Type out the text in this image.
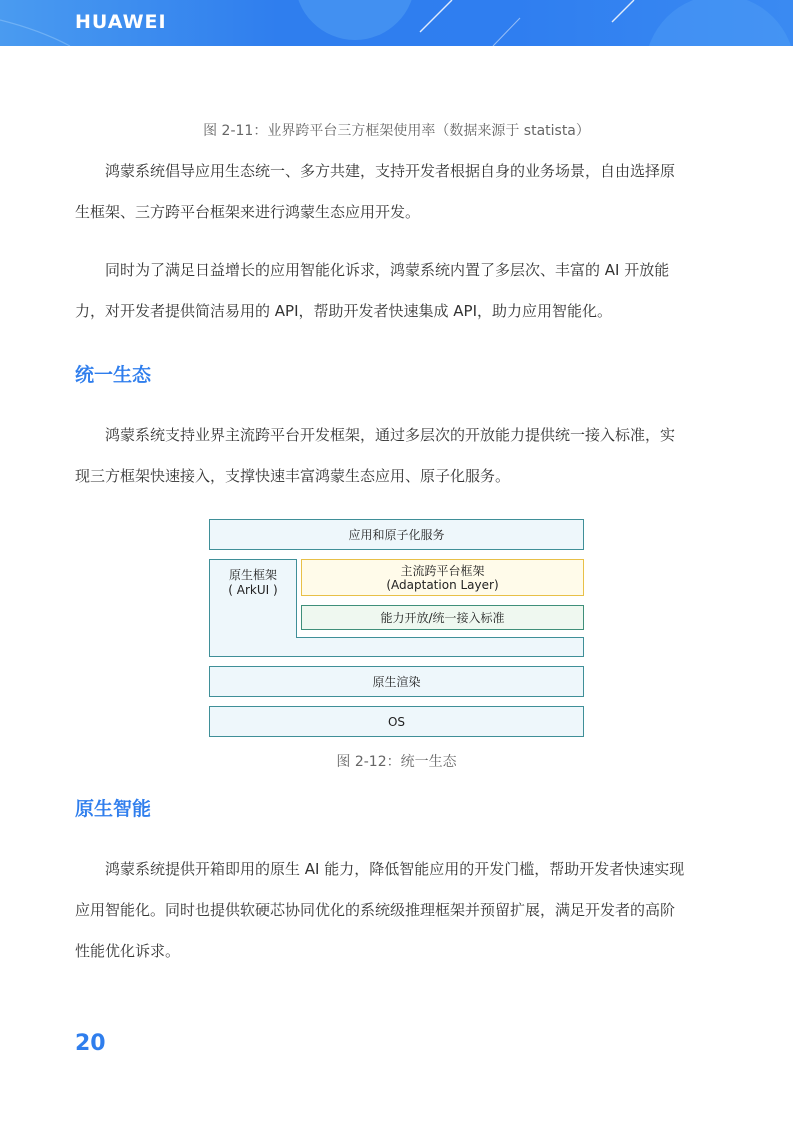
HUAWEI
图 2-11：业界跨平台三方框架使用率（数据来源于 statista）
鸿蒙系统倡导应用生态统一、多方共建，支持开发者根据自身的业务场景，自由选择原
生框架、三方跨平台框架来进行鸿蒙生态应用开发。
同时为了满足日益增长的应用智能化诉求，鸿蒙系统内置了多层次、丰富的 AI 开放能
力，对开发者提供简洁易用的 API，帮助开发者快速集成 API，助力应用智能化。
统一生态
鸿蒙系统支持业界主流跨平台开发框架，通过多层次的开放能力提供统一接入标准，实
现三方框架快速接入，支撑快速丰富鸿蒙生态应用、原子化服务。
应用和原子化服务
原生框架
( ArkUI )
主流跨平台框架
(Adaptation Layer)
能力开放/统一接入标准
原生渲染
OS
图 2-12：统一生态
原生智能
鸿蒙系统提供开箱即用的原生 AI 能力，降低智能应用的开发门槛，帮助开发者快速实现
应用智能化。同时也提供软硬芯协同优化的系统级推理框架并预留扩展，满足开发者的高阶
性能优化诉求。
20
